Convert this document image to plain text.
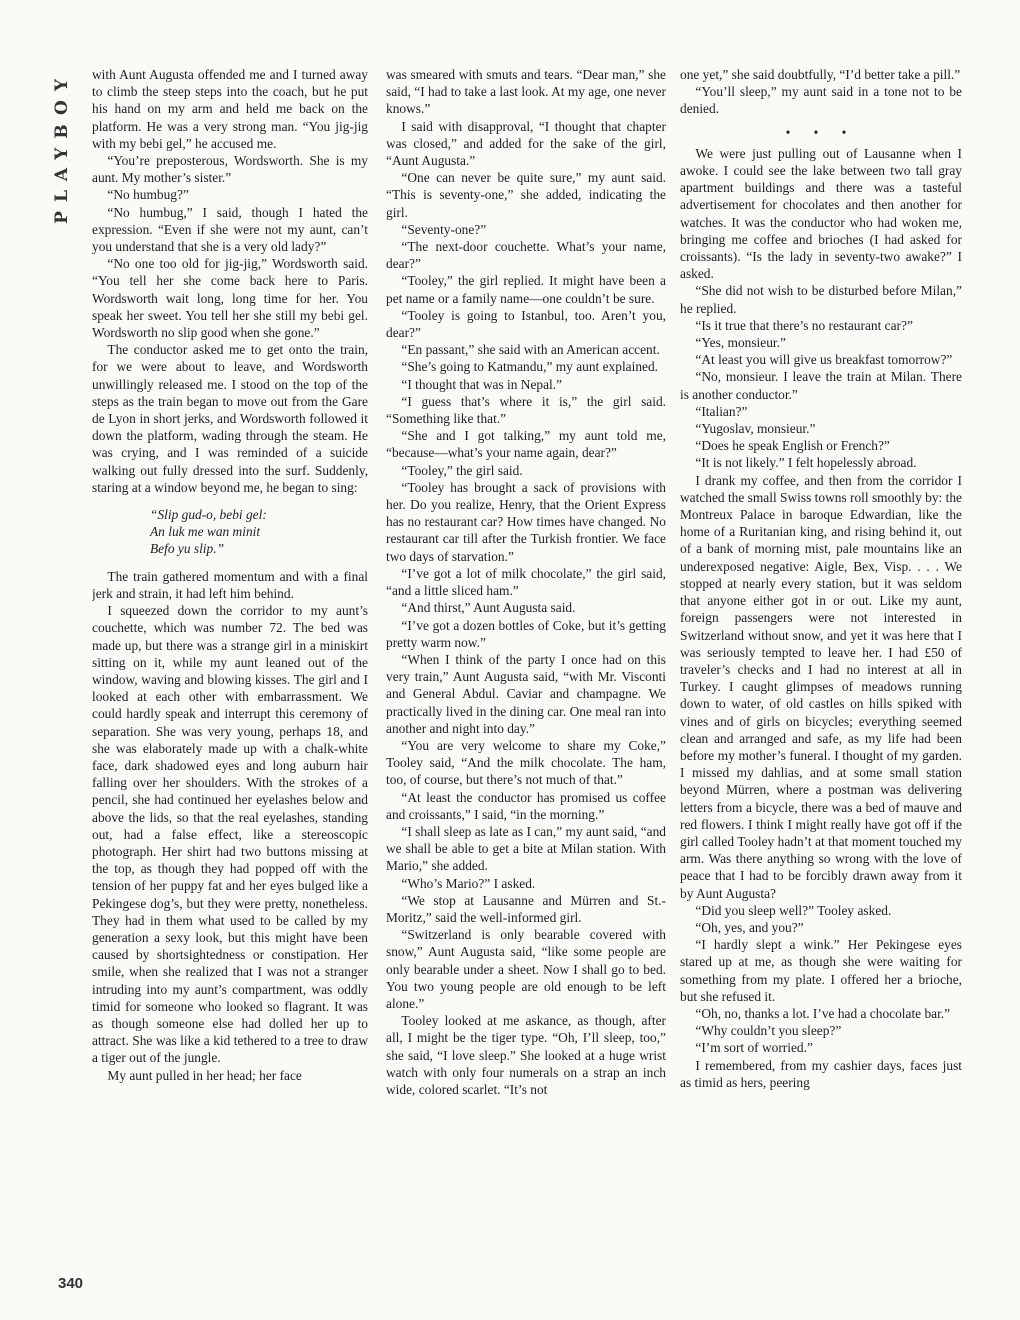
PLAYBOY with Aunt Augusta offended me and I turned away to climb the steep steps into the coach, but he put his hand on my arm and held me back on the platform. He was a very strong man. “You jig-jig with my bebi gel,” he accused me.

“You’re preposterous, Wordsworth. She is my aunt. My mother’s sister.”

“No humbug?”

“No humbug,” I said, though I hated the expression. “Even if she were not my aunt, can’t you understand that she is a very old lady?”

“No one too old for jig-jig,” Wordsworth said. “You tell her she come back here to Paris. Wordsworth wait long, long time for her. You speak her sweet. You tell her she still my bebi gel. Wordsworth no slip good when she gone.”

The conductor asked me to get onto the train, for we were about to leave, and Wordsworth unwillingly released me. I stood on the top of the steps as the train began to move out from the Gare de Lyon in short jerks, and Wordsworth followed it down the platform, wading through the steam. He was crying, and I was reminded of a suicide walking out fully dressed into the surf. Suddenly, staring at a window beyond me, he began to sing:

“Slip gud-o, bebi gel:
An luk me wan minit
Befo yu slip.”

The train gathered momentum and with a final jerk and strain, it had left him behind.

I squeezed down the corridor to my aunt’s couchette, which was number 72. The bed was made up, but there was a strange girl in a miniskirt sitting on it, while my aunt leaned out of the window, waving and blowing kisses. The girl and I looked at each other with embarrassment. We could hardly speak and interrupt this ceremony of separation. She was very young, perhaps 18, and she was elaborately made up with a chalk-white face, dark shadowed eyes and long auburn hair falling over her shoulders. With the strokes of a pencil, she had continued her eyelashes below and above the lids, so that the real eyelashes, standing out, had a false effect, like a stereoscopic photograph. Her shirt had two buttons missing at the top, as though they had popped off with the tension of her puppy fat and her eyes bulged like a Pekingese dog’s, but they were pretty, nonetheless. They had in them what used to be called by my generation a sexy look, but this might have been caused by shortsightedness or constipation. Her smile, when she realized that I was not a stranger intruding into my aunt’s compartment, was oddly timid for someone who looked so flagrant. It was as though someone else had dolled her up to attract. She was like a kid tethered to a tree to draw a tiger out of the jungle.

My aunt pulled in her head; her face

was smeared with smuts and tears. “Dear man,” she said, “I had to take a last look. At my age, one never knows.”

I said with disapproval, “I thought that chapter was closed,” and added for the sake of the girl, “Aunt Augusta.”

“One can never be quite sure,” my aunt said. “This is seventy-one,” she added, indicating the girl.

“Seventy-one?”

“The next-door couchette. What’s your name, dear?”

“Tooley,” the girl replied. It might have been a pet name or a family name—one couldn’t be sure.

“Tooley is going to Istanbul, too. Aren’t you, dear?”

“En passant,” she said with an American accent.

“She’s going to Katmandu,” my aunt explained.

“I thought that was in Nepal.”

“I guess that’s where it is,” the girl said. “Something like that.”

“She and I got talking,” my aunt told me, “because—what’s your name again, dear?”

“Tooley,” the girl said.

“Tooley has brought a sack of provisions with her. Do you realize, Henry, that the Orient Express has no restaurant car? How times have changed. No restaurant car till after the Turkish frontier. We face two days of starvation.”

“I’ve got a lot of milk chocolate,” the girl said, “and a little sliced ham.”

“And thirst,” Aunt Augusta said.

“I’ve got a dozen bottles of Coke, but it’s getting pretty warm now.”

“When I think of the party I once had on this very train,” Aunt Augusta said, “with Mr. Visconti and General Abdul. Caviar and champagne. We practically lived in the dining car. One meal ran into another and night into day.”

“You are very welcome to share my Coke,” Tooley said, “And the milk chocolate. The ham, too, of course, but there’s not much of that.”

“At least the conductor has promised us coffee and croissants,” I said, “in the morning.”

“I shall sleep as late as I can,” my aunt said, “and we shall be able to get a bite at Milan station. With Mario,” she added.

“Who’s Mario?” I asked.

“We stop at Lausanne and Mürren and St.-Moritz,” said the well-informed girl.

“Switzerland is only bearable covered with snow,” Aunt Augusta said, “like some people are only bearable under a sheet. Now I shall go to bed. You two young people are old enough to be left alone.”

Tooley looked at me askance, as though, after all, I might be the tiger type. “Oh, I’ll sleep, too,” she said, “I love sleep.” She looked at a huge wrist watch with only four numerals on a strap an inch wide, colored scarlet. “It’s not

one yet,” she said doubtfully, “I’d better take a pill.”

“You’ll sleep,” my aunt said in a tone not to be denied.

• • •

We were just pulling out of Lausanne when I awoke. I could see the lake between two tall gray apartment buildings and there was a tasteful advertisement for chocolates and then another for watches. It was the conductor who had woken me, bringing me coffee and brioches (I had asked for croissants). “Is the lady in seventy-two awake?” I asked.

“She did not wish to be disturbed before Milan,” he replied.

“Is it true that there’s no restaurant car?”

“Yes, monsieur.”

“At least you will give us breakfast tomorrow?”

“No, monsieur. I leave the train at Milan. There is another conductor.”

“Italian?”

“Yugoslav, monsieur.”

“Does he speak English or French?”

“It is not likely.” I felt hopelessly abroad.

I drank my coffee, and then from the corridor I watched the small Swiss towns roll smoothly by: the Montreux Palace in baroque Edwardian, like the home of a Ruritanian king, and rising behind it, out of a bank of morning mist, pale mountains like an underexposed negative: Aigle, Bex, Visp. . . . We stopped at nearly every station, but it was seldom that anyone either got in or out. Like my aunt, foreign passengers were not interested in Switzerland without snow, and yet it was here that I was seriously tempted to leave her. I had £50 of traveler’s checks and I had no interest at all in Turkey. I caught glimpses of meadows running down to water, of old castles on hills spiked with vines and of girls on bicycles; everything seemed clean and arranged and safe, as my life had been before my mother’s funeral. I thought of my garden. I missed my dahlias, and at some small station beyond Mürren, where a postman was delivering letters from a bicycle, there was a bed of mauve and red flowers. I think I might really have got off if the girl called Tooley hadn’t at that moment touched my arm. Was there anything so wrong with the love of peace that I had to be forcibly drawn away from it by Aunt Augusta?

“Did you sleep well?” Tooley asked.

“Oh, yes, and you?”

“I hardly slept a wink.” Her Pekingese eyes stared up at me, as though she were waiting for something from my plate. I offered her a brioche, but she refused it.

“Oh, no, thanks a lot. I’ve had a chocolate bar.”

“Why couldn’t you sleep?”

“I’m sort of worried.”

I remembered, from my cashier days, faces just as timid as hers, peering

340
